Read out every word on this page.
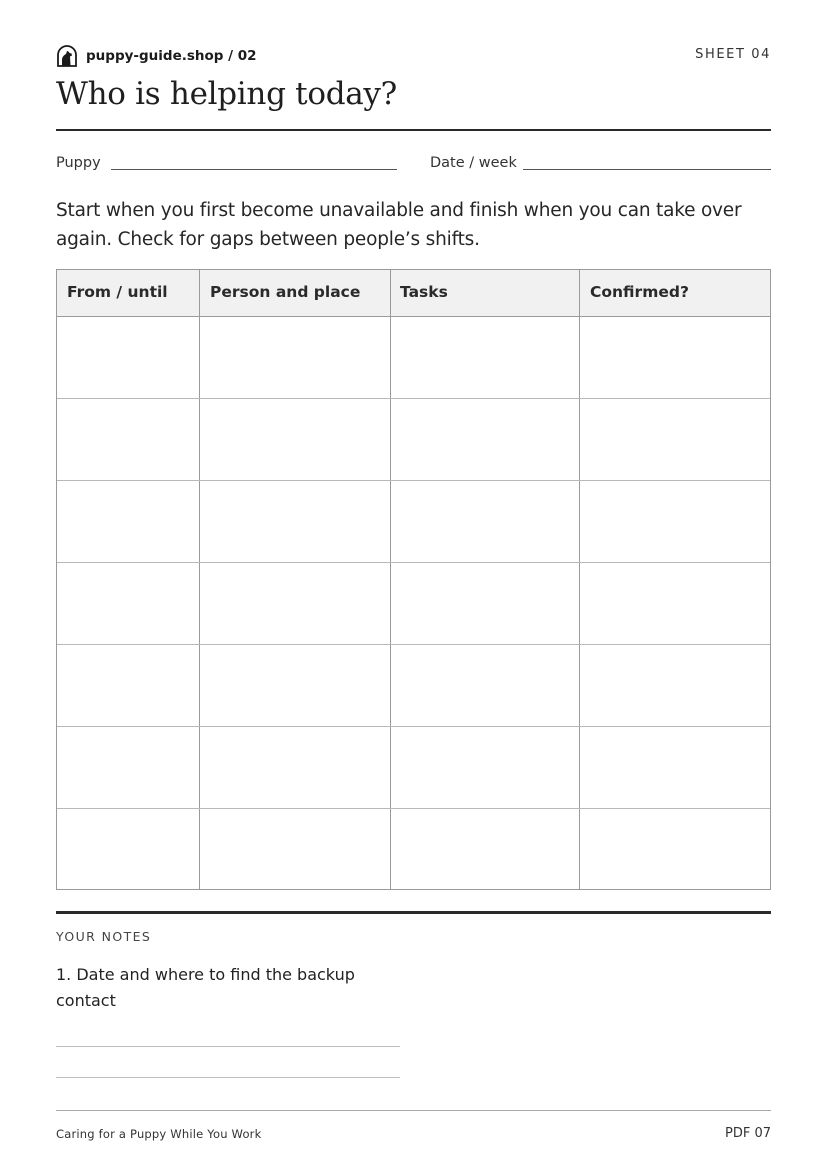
puppy-guide.shop / 02	SHEET 04
Who is helping today?
Puppy	Date / week

Start when you first become unavailable and finish when you can take over again. Check for gaps between people’s shifts.

From / until	Person and place	Tasks	Confirmed?
YOUR NOTES

1. Date and where to find the backup contact

Caring for a Puppy While You Work	PDF 07
